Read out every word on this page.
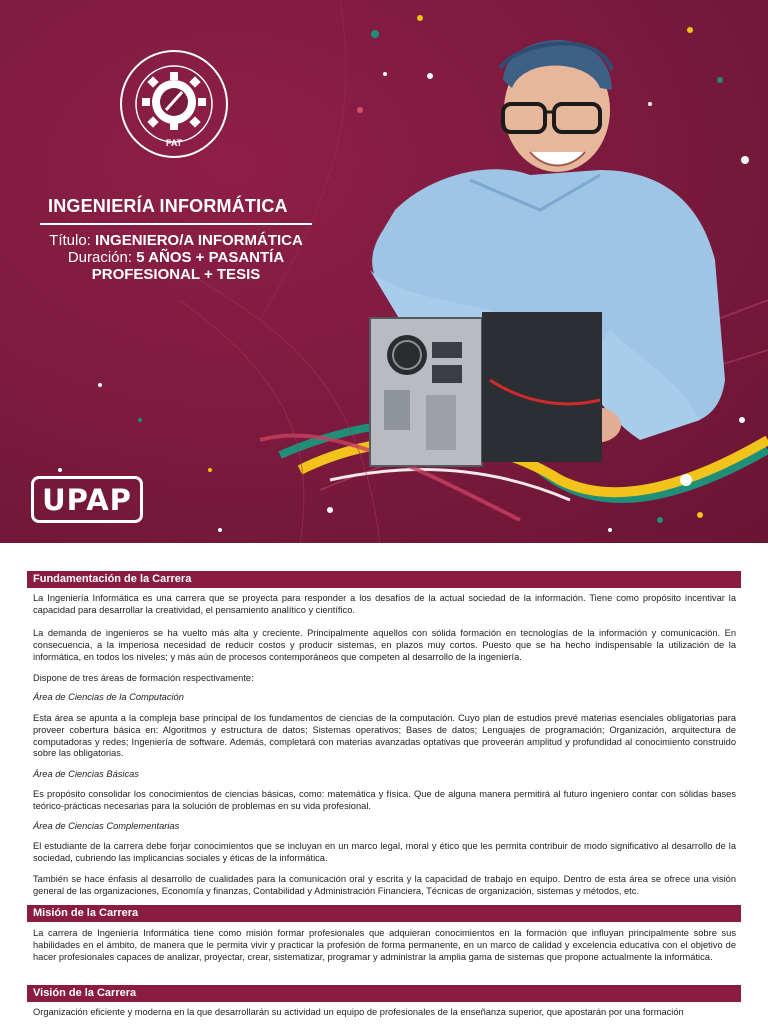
FAT
INGENIERÍA INFORMÁTICA
Título: INGENIERO/A INFORMÁTICA
Duración: 5 AÑOS + PASANTÍA
PROFESIONAL + TESIS
UPAP
Fundamentación de la Carrera

La Ingeniería Informática es una carrera que se proyecta para responder a los desafíos de la actual sociedad de la información. Tiene como propósito incentivar la capacidad para desarrollar la creatividad, el pensamiento analítico y científico.

La demanda de ingenieros se ha vuelto más alta y creciente. Principalmente aquellos con sólida formación en tecnologías de la información y comunicación. En consecuencia, a la imperiosa necesidad de reducir costos y producir sistemas, en plazos muy cortos. Puesto que se ha hecho indispensable la utilización de la informática, en todos los niveles; y más aún de procesos contemporáneos que competen al desarrollo de la ingeniería.

Dispone de tres áreas de formación respectivamente:

Área de Ciencias de la Computación

Esta área se apunta a la compleja base principal de los fundamentos de ciencias de la computación. Cuyo plan de estudios prevé materias esenciales obligatorias para proveer cobertura básica en: Algoritmos y estructura de datos; Sistemas operativos; Bases de datos; Lenguajes de programación; Organización, arquitectura de computadoras y redes; Ingeniería de software. Además, completará con materias avanzadas optativas que proveerán amplitud y profundidad al conocimiento construido sobre las obligatorias.

Área de Ciencias Básicas

Es propósito consolidar los conocimientos de ciencias básicas, como: matemática y física. Que de alguna manera permitirá al futuro ingeniero contar con sólidas bases teórico-prácticas necesarias para la solución de problemas en su vida profesional.

Área de Ciencias Complementarias

El estudiante de la carrera debe forjar conocimientos que se incluyan en un marco legal, moral y ético que les permita contribuir de modo significativo al desarrollo de la sociedad, cubriendo las implicancias sociales y éticas de la informática.

También se hace énfasis al desarrollo de cualidades para la comunicación oral y escrita y la capacidad de trabajo en equipo. Dentro de esta área se ofrece una visión general de las organizaciones, Economía y finanzas, Contabilidad y Administración Financiera, Técnicas de organización, sistemas y métodos, etc.

Misión de la Carrera

La carrera de Ingeniería Informática tiene como misión formar profesionales que adquieran conocimientos en la formación que influyan principalmente sobre sus habilidades en el ámbito, de manera que le permita vivir y practicar la profesión de forma permanente, en un marco de calidad y excelencia educativa con el objetivo de hacer profesionales capaces de analizar, proyectar, crear, sistematizar, programar y administrar la amplia gama de sistemas que propone actualmente la informática.

Visión de la Carrera

Organización eficiente y moderna en la que desarrollarán su actividad un equipo de profesionales de la enseñanza superior, que apostarán por una formación
